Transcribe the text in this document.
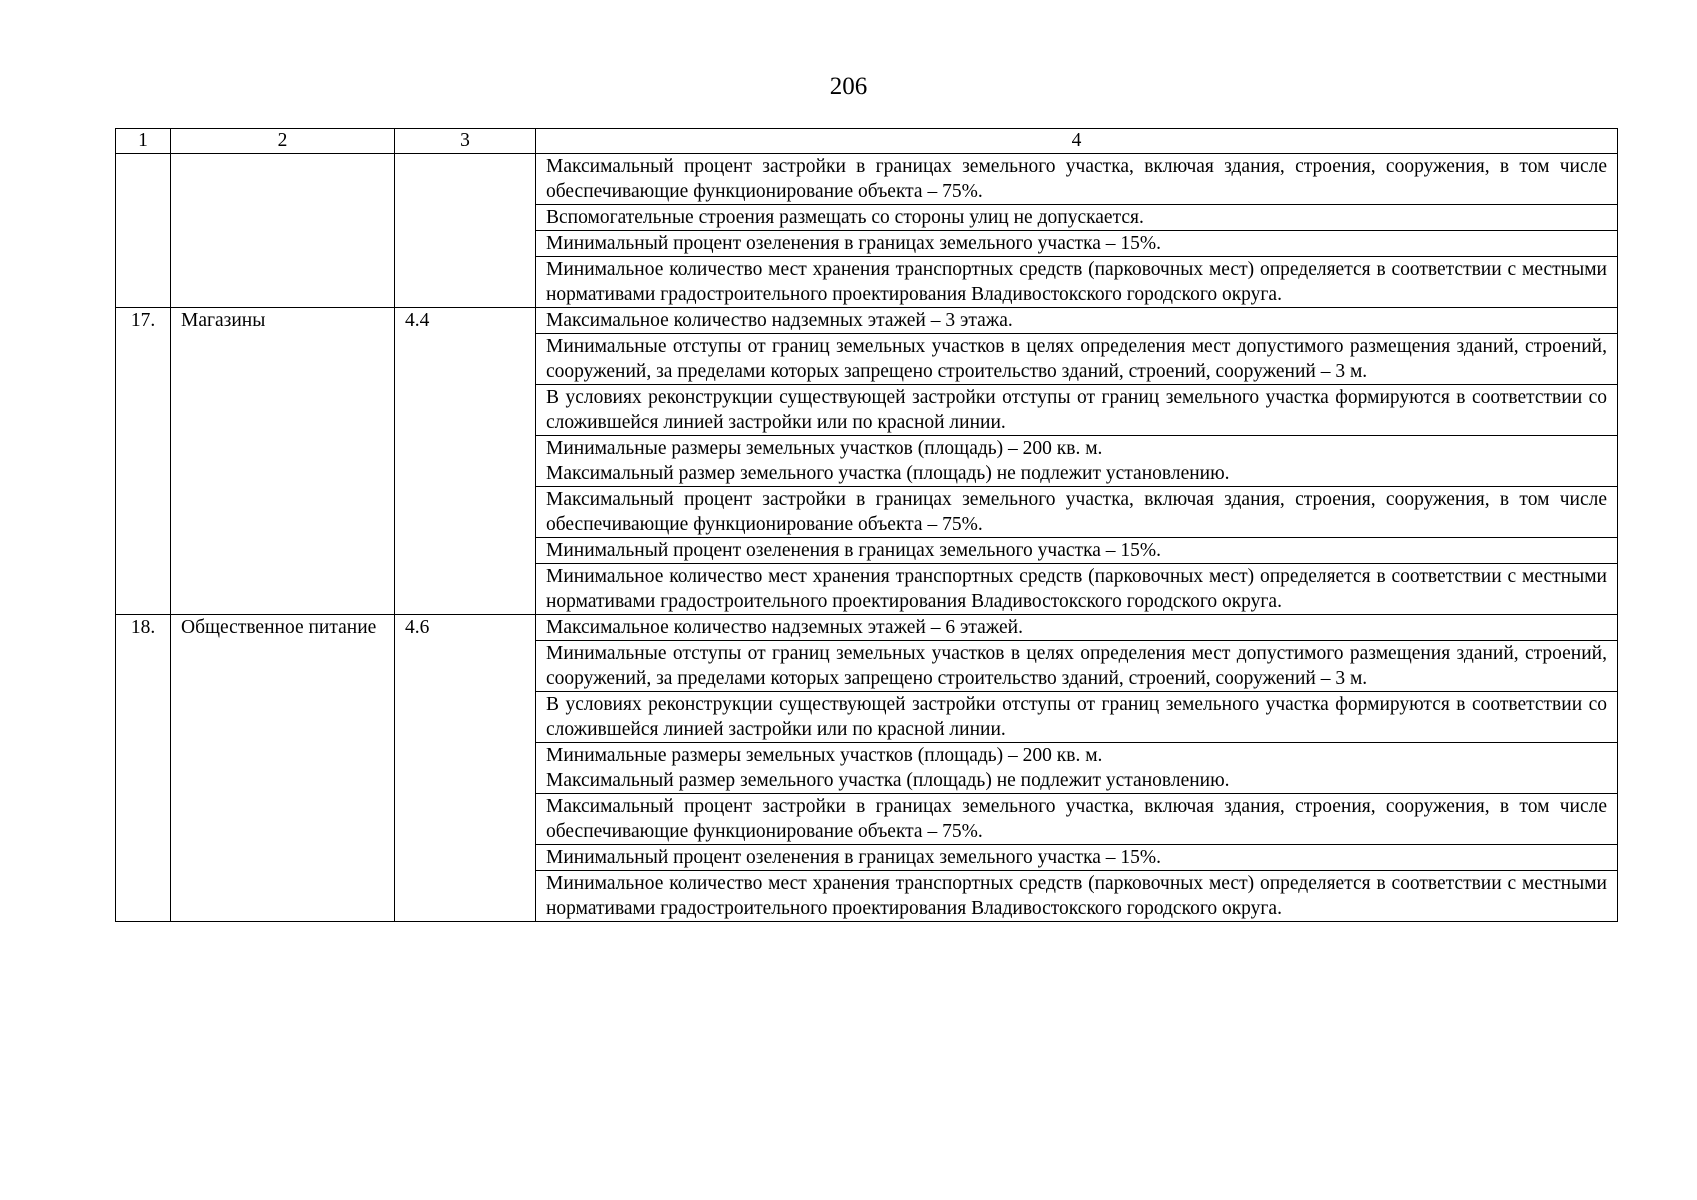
206
1	2	3	4

			Максимальный процент застройки в границах земельного участка, включая здания, строения, сооружения, в том числе обеспечивающие функционирование объекта – 75%.

			Вспомогательные строения размещать со стороны улиц не допускается.

			Минимальный процент озеленения в границах земельного участка – 15%.

			Минимальное количество мест хранения транспортных средств (парковочных мест) определяется в соответствии с местными нормативами градостроительного проектирования Владивостокского городского округа.

17.	Магазины	4.4	Максимальное количество надземных этажей – 3 этажа.

			Минимальные отступы от границ земельных участков в целях определения мест допустимого размещения зданий, строений, сооружений, за пределами которых запрещено строительство зданий, строений, сооружений – 3 м.

			В условиях реконструкции существующей застройки отступы от границ земельного участка формируются в соответствии со сложившейся линией застройки или по красной линии.

			Минимальные размеры земельных участков (площадь) – 200 кв. м.
Максимальный размер земельного участка (площадь) не подлежит установлению.

			Максимальный процент застройки в границах земельного участка, включая здания, строения, сооружения, в том числе обеспечивающие функционирование объекта – 75%.

			Минимальный процент озеленения в границах земельного участка – 15%.

			Минимальное количество мест хранения транспортных средств (парковочных мест) определяется в соответствии с местными нормативами градостроительного проектирования Владивостокского городского округа.

18.	Общественное питание	4.6	Максимальное количество надземных этажей – 6 этажей.

			Минимальные отступы от границ земельных участков в целях определения мест допустимого размещения зданий, строений, сооружений, за пределами которых запрещено строительство зданий, строений, сооружений – 3 м.

			В условиях реконструкции существующей застройки отступы от границ земельного участка формируются в соответствии со сложившейся линией застройки или по красной линии.

			Минимальные размеры земельных участков (площадь) – 200 кв. м.
Максимальный размер земельного участка (площадь) не подлежит установлению.

			Максимальный процент застройки в границах земельного участка, включая здания, строения, сооружения, в том числе обеспечивающие функционирование объекта – 75%.

			Минимальный процент озеленения в границах земельного участка – 15%.

			Минимальное количество мест хранения транспортных средств (парковочных мест) определяется в соответствии с местными нормативами градостроительного проектирования Владивостокского городского округа.
